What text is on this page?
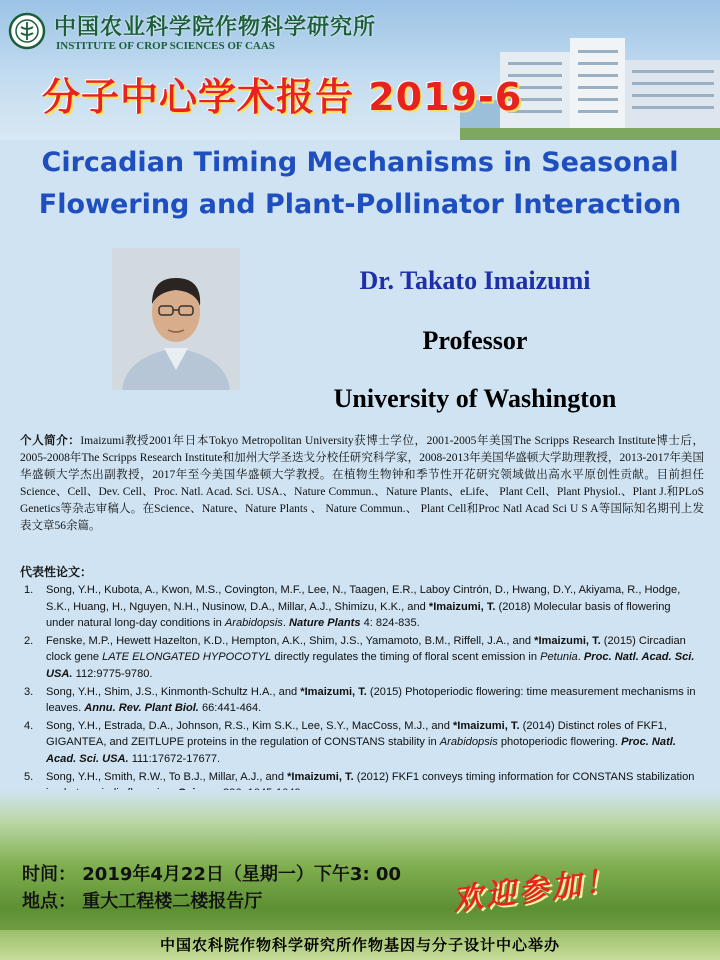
中国农业科学院作物科学研究所
INSTITUTE OF CROP SCIENCES OF CAAS
分子中心学术报告 2019-6
Circadian Timing Mechanisms in Seasonal
Flowering and Plant-Pollinator Interaction
Dr. Takato Imaizumi
Professor
University of Washington
个人简介：Imaizumi教授2001年日本Tokyo Metropolitan University获博士学位，2001-2005年美国The Scripps Research Institute博士后，2005-2008年The Scripps Research Institute和加州大学圣迭戈分校任研究科学家，2008-2013年美国华盛顿大学助理教授，2013-2017年美国华盛顿大学杰出副教授，2017年至今美国华盛顿大学教授。在植物生物钟和季节性开花研究领域做出高水平原创性贡献。目前担任Science、Cell、Dev. Cell、Proc. Natl. Acad. Sci. USA.、Nature Commun.、Nature Plants、eLife、 Plant Cell、Plant Physiol.、Plant J.和PLoS Genetics等杂志审稿人。在Science、Nature、Nature Plants 、 Nature Commun.、 Plant Cell和Proc Natl Acad Sci U S A等国际知名期刊上发表文章56余篇。
代表性论文：
1. Song, Y.H., Kubota, A., Kwon, M.S., Covington, M.F., Lee, N., Taagen, E.R., Laboy Cintrón, D., Hwang, D.Y., Akiyama, R., Hodge, S.K., Huang, H., Nguyen, N.H., Nusinow, D.A., Millar, A.J., Shimizu, K.K., and *Imaizumi, T. (2018) Molecular basis of flowering under natural long-day conditions in Arabidopsis. Nature Plants 4: 824-835.
2. Fenske, M.P., Hewett Hazelton, K.D., Hempton, A.K., Shim, J.S., Yamamoto, B.M., Riffell, J.A., and *Imaizumi, T. (2015) Circadian clock gene LATE ELONGATED HYPOCOTYL directly regulates the timing of floral scent emission in Petunia. Proc. Natl. Acad. Sci. USA. 112:9775-9780.
3. Song, Y.H., Shim, J.S., Kinmonth-Schultz H.A., and *Imaizumi, T. (2015) Photoperiodic flowering: time measurement mechanisms in leaves. Annu. Rev. Plant Biol. 66:441-464.
4. Song, Y.H., Estrada, D.A., Johnson, R.S., Kim S.K., Lee, S.Y., MacCoss, M.J., and *Imaizumi, T. (2014) Distinct roles of FKF1, GIGANTEA, and ZEITLUPE proteins in the regulation of CONSTANS stability in Arabidopsis photoperiodic flowering. Proc. Natl. Acad. Sci. USA. 111:17672-17677.
5. Song, Y.H., Smith, R.W., To B.J., Millar, A.J., and *Imaizumi, T. (2012) FKF1 conveys timing information for CONSTANS stabilization
时间： 2019年4月22日（星期一）下午3: 00
地点： 重大工程楼二楼报告厅	欢迎参加！
中国农科院作物科学研究所作物基因与分子设计中心举办
